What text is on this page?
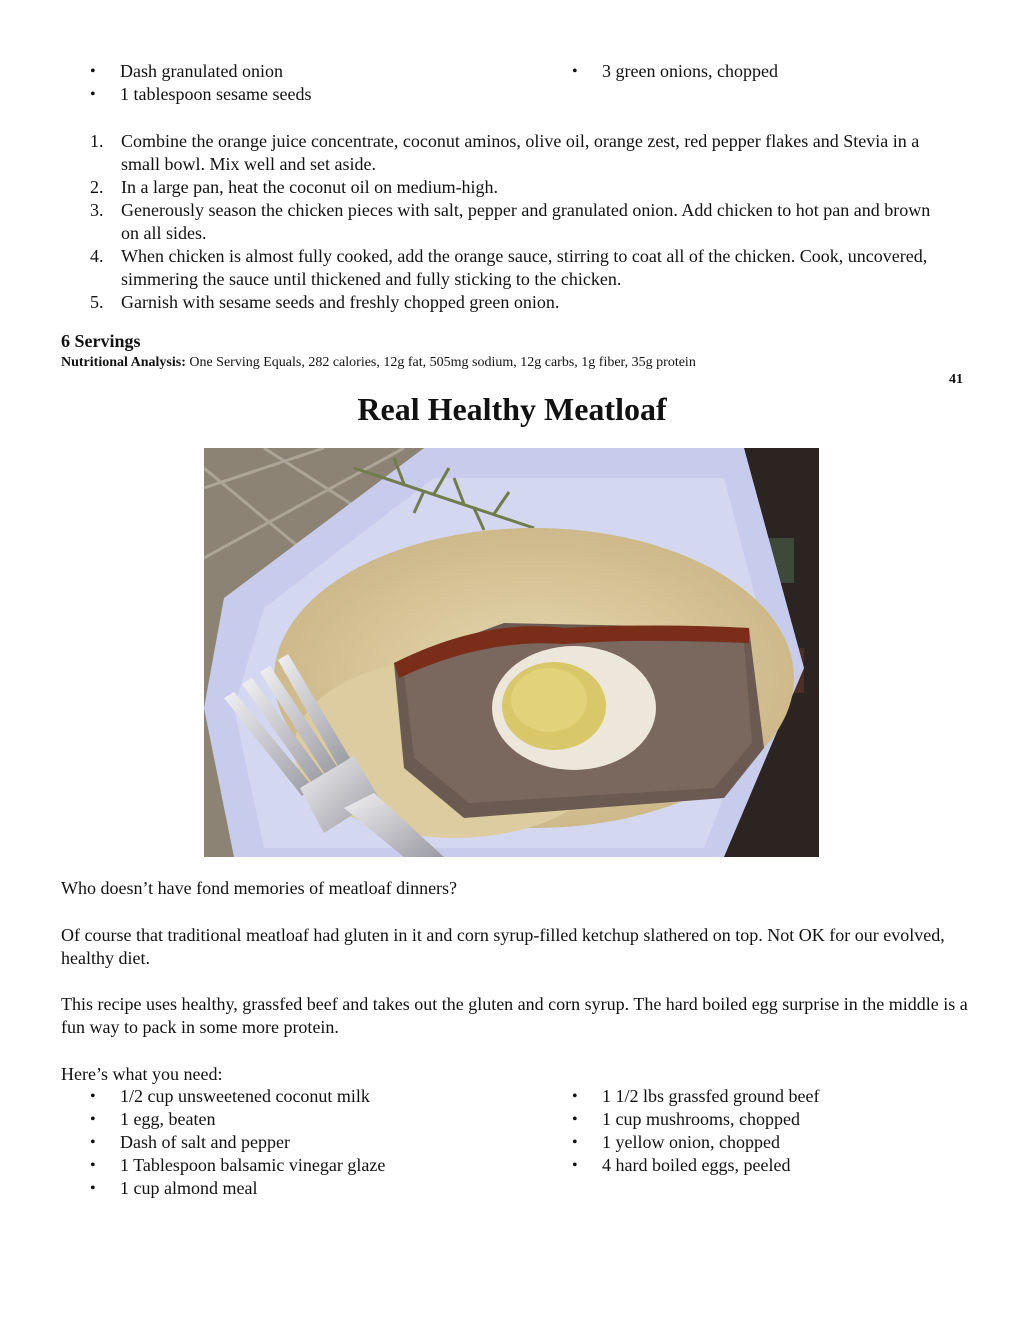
• Dash granulated onion
• 1 tablespoon sesame seeds
• 3 green onions, chopped
1. Combine the orange juice concentrate, coconut aminos, olive oil, orange zest, red pepper flakes and Stevia in a small bowl. Mix well and set aside.
2. In a large pan, heat the coconut oil on medium-high.
3. Generously season the chicken pieces with salt, pepper and granulated onion. Add chicken to hot pan and brown on all sides.
4. When chicken is almost fully cooked, add the orange sauce, stirring to coat all of the chicken. Cook, uncovered, simmering the sauce until thickened and fully sticking to the chicken.
5. Garnish with sesame seeds and freshly chopped green onion.
6 Servings
Nutritional Analysis: One Serving Equals, 282 calories, 12g fat, 505mg sodium, 12g carbs, 1g fiber, 35g protein
41
Real Healthy Meatloaf

Who doesn’t have fond memories of meatloaf dinners?

Of course that traditional meatloaf had gluten in it and corn syrup-filled ketchup slathered on top. Not OK for our evolved, healthy diet.

This recipe uses healthy, grassfed beef and takes out the gluten and corn syrup. The hard boiled egg surprise in the middle is a fun way to pack in some more protein.

Here’s what you need:

• 1/2 cup unsweetened coconut milk
• 1 egg, beaten
• Dash of salt and pepper
• 1 Tablespoon balsamic vinegar glaze
• 1 cup almond meal
• 1 1/2 lbs grassfed ground beef
• 1 cup mushrooms, chopped
• 1 yellow onion, chopped
• 4 hard boiled eggs, peeled
